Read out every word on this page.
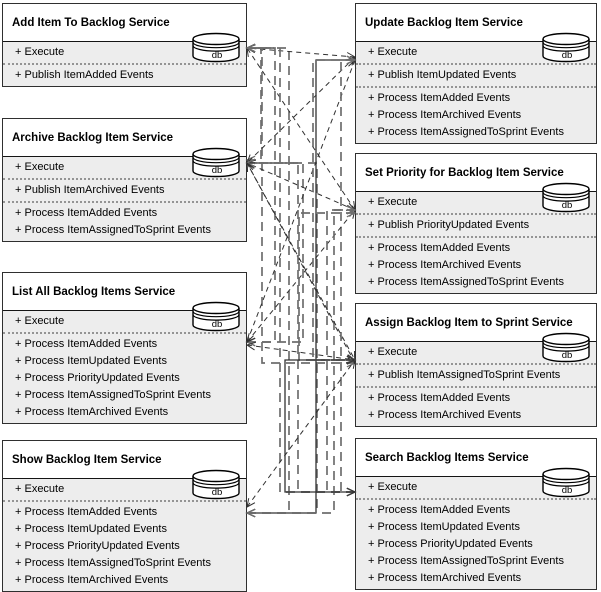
Add Item To Backlog Service
+ Execute
+ Publish ItemAdded Events
db
Archive Backlog Item Service
+ Execute
+ Publish ItemArchived Events
+ Process ItemAdded Events
+ Process ItemAssignedToSprint Events
db
List All Backlog Items Service
+ Execute
+ Process ItemAdded Events
+ Process ItemUpdated Events
+ Process PriorityUpdated Events
+ Process ItemAssignedToSprint Events
+ Process ItemArchived Events
db
Show Backlog Item Service
+ Execute
+ Process ItemAdded Events
+ Process ItemUpdated Events
+ Process PriorityUpdated Events
+ Process ItemAssignedToSprint Events
+ Process ItemArchived Events
db
Update Backlog Item Service
+ Execute
+ Publish ItemUpdated Events
+ Process ItemAdded Events
+ Process ItemArchived Events
+ Process ItemAssignedToSprint Events
db
Set Priority for Backlog Item Service
+ Execute
+ Publish PriorityUpdated Events
+ Process ItemAdded Events
+ Process ItemArchived Events
+ Process ItemAssignedToSprint Events
db
Assign Backlog Item to Sprint Service
+ Execute
+ Publish ItemAssignedToSprint Events
+ Process ItemAdded Events
+ Process ItemArchived Events
db
Search Backlog Items Service
+ Execute
+ Process ItemAdded Events
+ Process ItemUpdated Events
+ Process PriorityUpdated Events
+ Process ItemAssignedToSprint Events
+ Process ItemArchived Events
db
